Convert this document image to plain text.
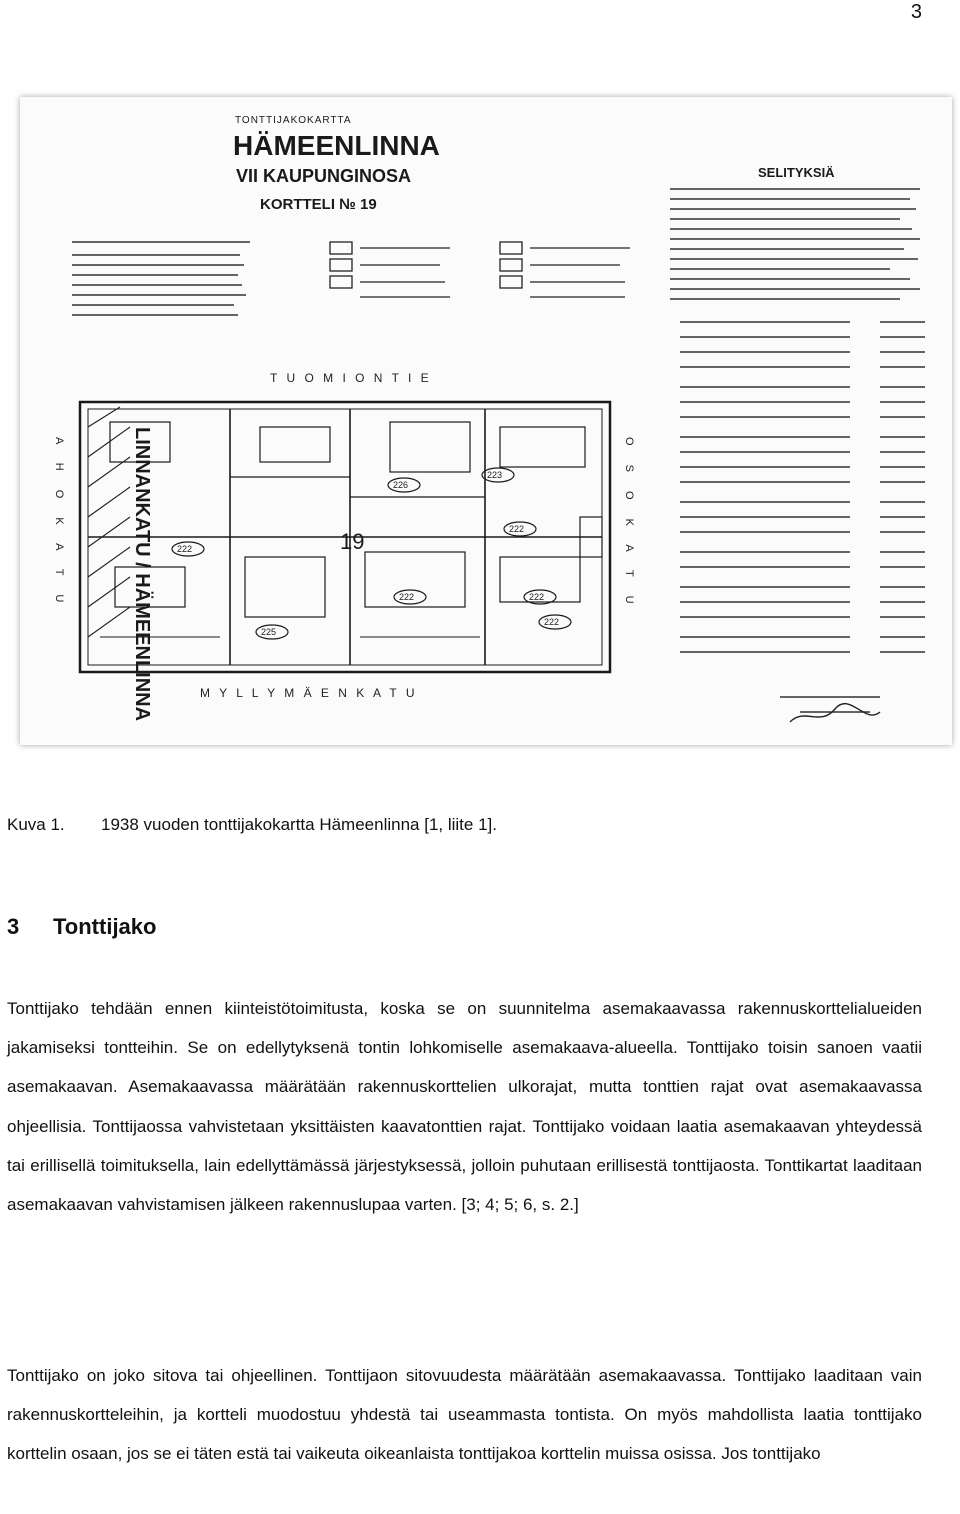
3
TONTTIJAKOKARTTA
HÄMEENLINNA
VII KAUPUNGINOSA
KORTTELI № 19
SELITYKSIÄ
T U O M I O N T I E
M Y L L Y M Ä E N K A T U
A H O K A T U	O S O K A T U
LINNANKATU / HÄMEENLINNA	19
222
226
222
223
222
225
222
222
Kuva 1. 1938 vuoden tonttijakokartta Hämeenlinna [1, liite 1].
3 Tonttijako

Tonttijako tehdään ennen kiinteistötoimitusta, koska se on suunnitelma asemakaavassa rakennuskorttelialueiden jakamiseksi tontteihin. Se on edellytyksenä tontin lohkomiselle asemakaava-alueella. Tonttijako toisin sanoen vaatii asemakaavan. Asemakaavassa määrätään rakennuskorttelien ulkorajat, mutta tonttien rajat ovat asemakaavassa ohjeellisia. Tonttijaossa vahvistetaan yksittäisten kaavatonttien rajat. Tonttijako voidaan laatia asemakaavan yhteydessä tai erillisellä toimituksella, lain edellyttämässä järjestyksessä, jolloin puhutaan erillisestä tonttijaosta. Tonttikartat laaditaan asemakaavan vahvistamisen jälkeen rakennuslupaa varten. [3; 4; 5; 6, s. 2.]

Tonttijako on joko sitova tai ohjeellinen. Tonttijaon sitovuudesta määrätään asemakaavassa. Tonttijako laaditaan vain rakennuskortteleihin, ja kortteli muodostuu yhdestä tai useammasta tontista. On myös mahdollista laatia tonttijako korttelin osaan, jos se ei täten estä tai vaikeuta oikeanlaista tonttijakoa korttelin muissa osissa. Jos tonttijako
